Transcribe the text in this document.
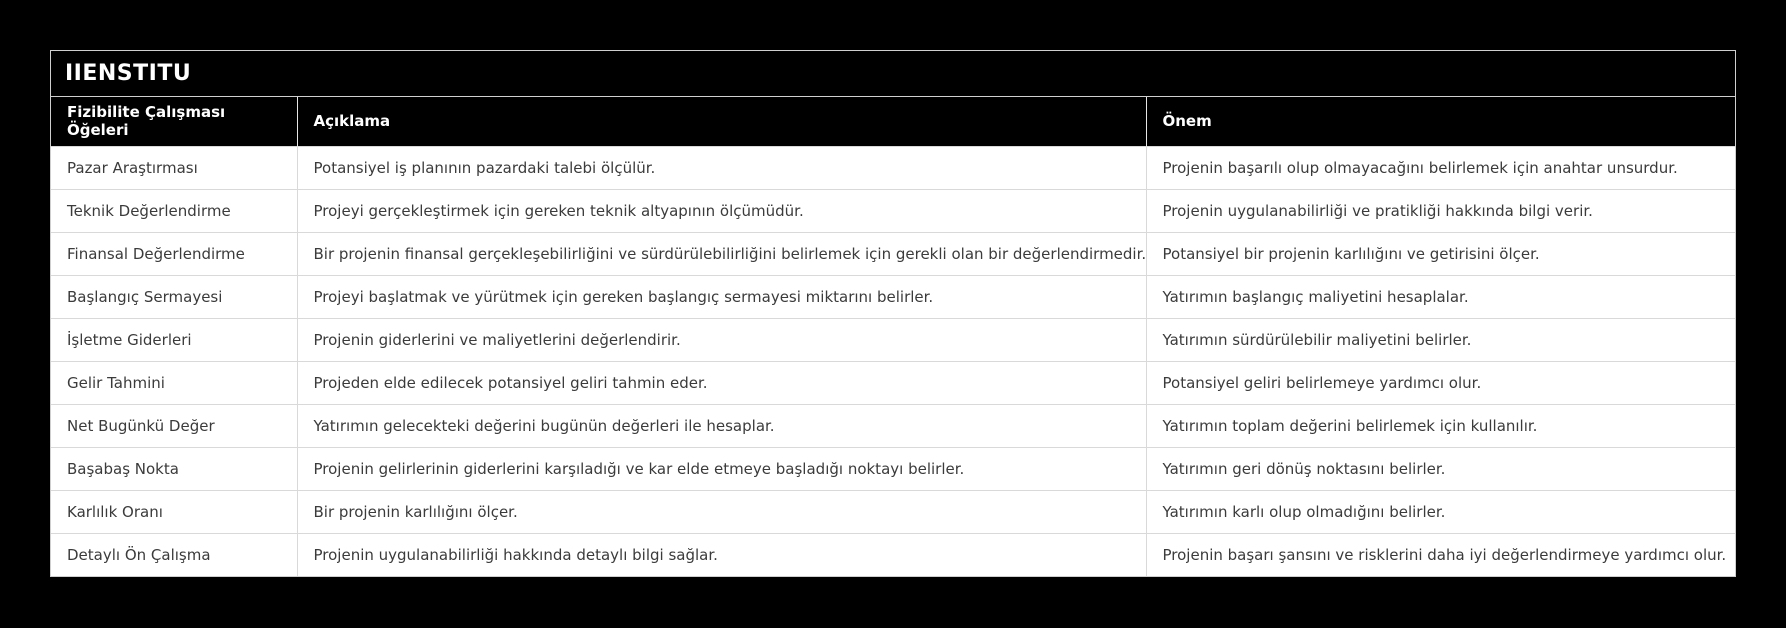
IIENSTITU
Fizibilite Çalışması Öğeleri	Açıklama	Önem
Pazar Araştırması	Potansiyel iş planının pazardaki talebi ölçülür.	Projenin başarılı olup olmayacağını belirlemek için anahtar unsurdur.
Teknik Değerlendirme	Projeyi gerçekleştirmek için gereken teknik altyapının ölçümüdür.	Projenin uygulanabilirliği ve pratikliği hakkında bilgi verir.
Finansal Değerlendirme	Bir projenin finansal gerçekleşebilirliğini ve sürdürülebilirliğini belirlemek için gerekli olan bir değerlendirmedir.	Potansiyel bir projenin karlılığını ve getirisini ölçer.
Başlangıç Sermayesi	Projeyi başlatmak ve yürütmek için gereken başlangıç sermayesi miktarını belirler.	Yatırımın başlangıç maliyetini hesaplalar.
İşletme Giderleri	Projenin giderlerini ve maliyetlerini değerlendirir.	Yatırımın sürdürülebilir maliyetini belirler.
Gelir Tahmini	Projeden elde edilecek potansiyel geliri tahmin eder.	Potansiyel geliri belirlemeye yardımcı olur.
Net Bugünkü Değer	Yatırımın gelecekteki değerini bugünün değerleri ile hesaplar.	Yatırımın toplam değerini belirlemek için kullanılır.
Başabaş Nokta	Projenin gelirlerinin giderlerini karşıladığı ve kar elde etmeye başladığı noktayı belirler.	Yatırımın geri dönüş noktasını belirler.
Karlılık Oranı	Bir projenin karlılığını ölçer.	Yatırımın karlı olup olmadığını belirler.
Detaylı Ön Çalışma	Projenin uygulanabilirliği hakkında detaylı bilgi sağlar.	Projenin başarı şansını ve risklerini daha iyi değerlendirmeye yardımcı olur.
